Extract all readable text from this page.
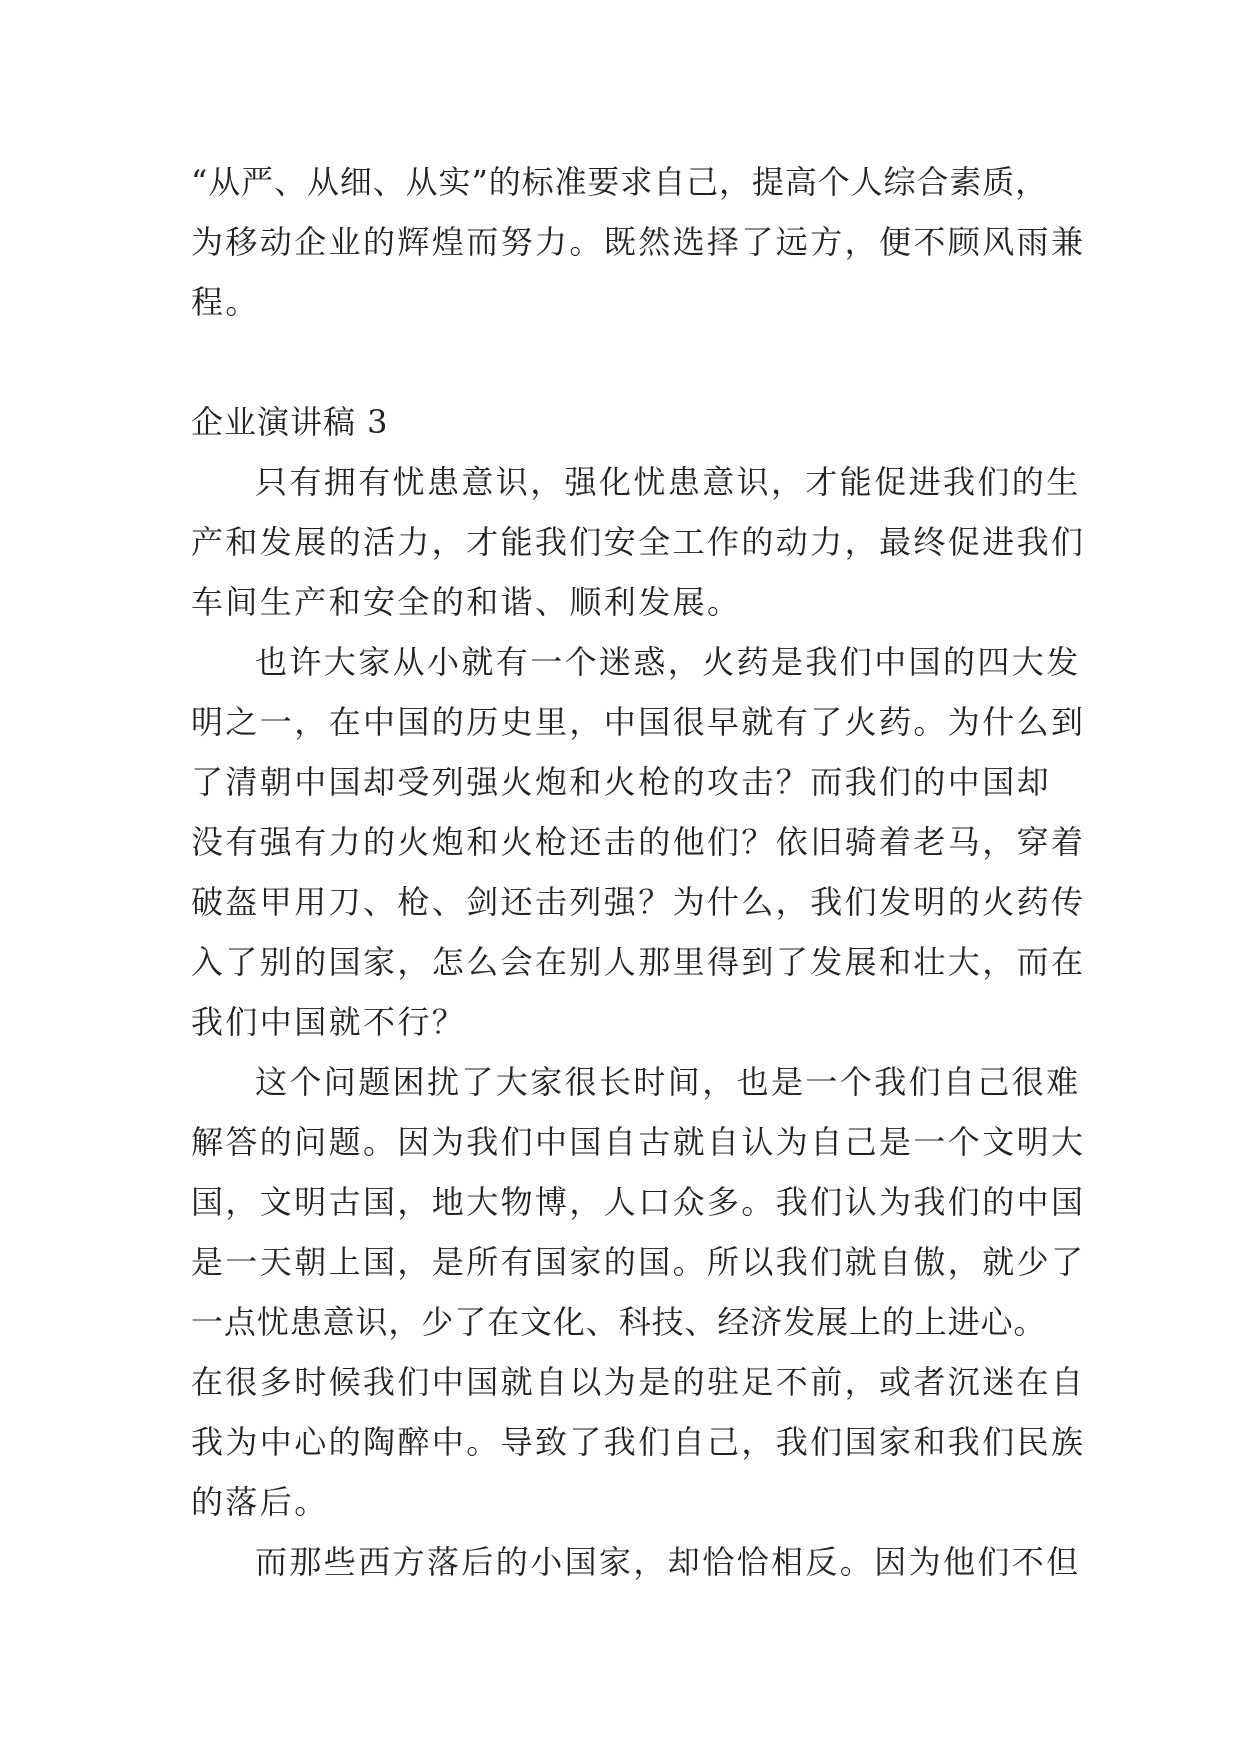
“从严、从细、从实”的标准要求自己，提高个人综合素质，
为移动企业的辉煌而努力。既然选择了远方，便不顾风雨兼
程。
企业演讲稿 3
只有拥有忧患意识，强化忧患意识，才能促进我们的生
产和发展的活力，才能我们安全工作的动力，最终促进我们
车间生产和安全的和谐、顺利发展。
也许大家从小就有一个迷惑，火药是我们中国的四大发
明之一，在中国的历史里，中国很早就有了火药。为什么到
了清朝中国却受列强火炮和火枪的攻击？而我们的中国却
没有强有力的火炮和火枪还击的他们？依旧骑着老马，穿着
破盔甲用刀、枪、剑还击列强？为什么，我们发明的火药传
入了别的国家，怎么会在别人那里得到了发展和壮大，而在
我们中国就不行？
这个问题困扰了大家很长时间，也是一个我们自己很难
解答的问题。因为我们中国自古就自认为自己是一个文明大
国，文明古国，地大物博，人口众多。我们认为我们的中国
是一天朝上国，是所有国家的国。所以我们就自傲，就少了
一点忧患意识，少了在文化、科技、经济发展上的上进心。
在很多时候我们中国就自以为是的驻足不前，或者沉迷在自
我为中心的陶醉中。导致了我们自己，我们国家和我们民族
的落后。
而那些西方落后的小国家，却恰恰相反。因为他们不但
